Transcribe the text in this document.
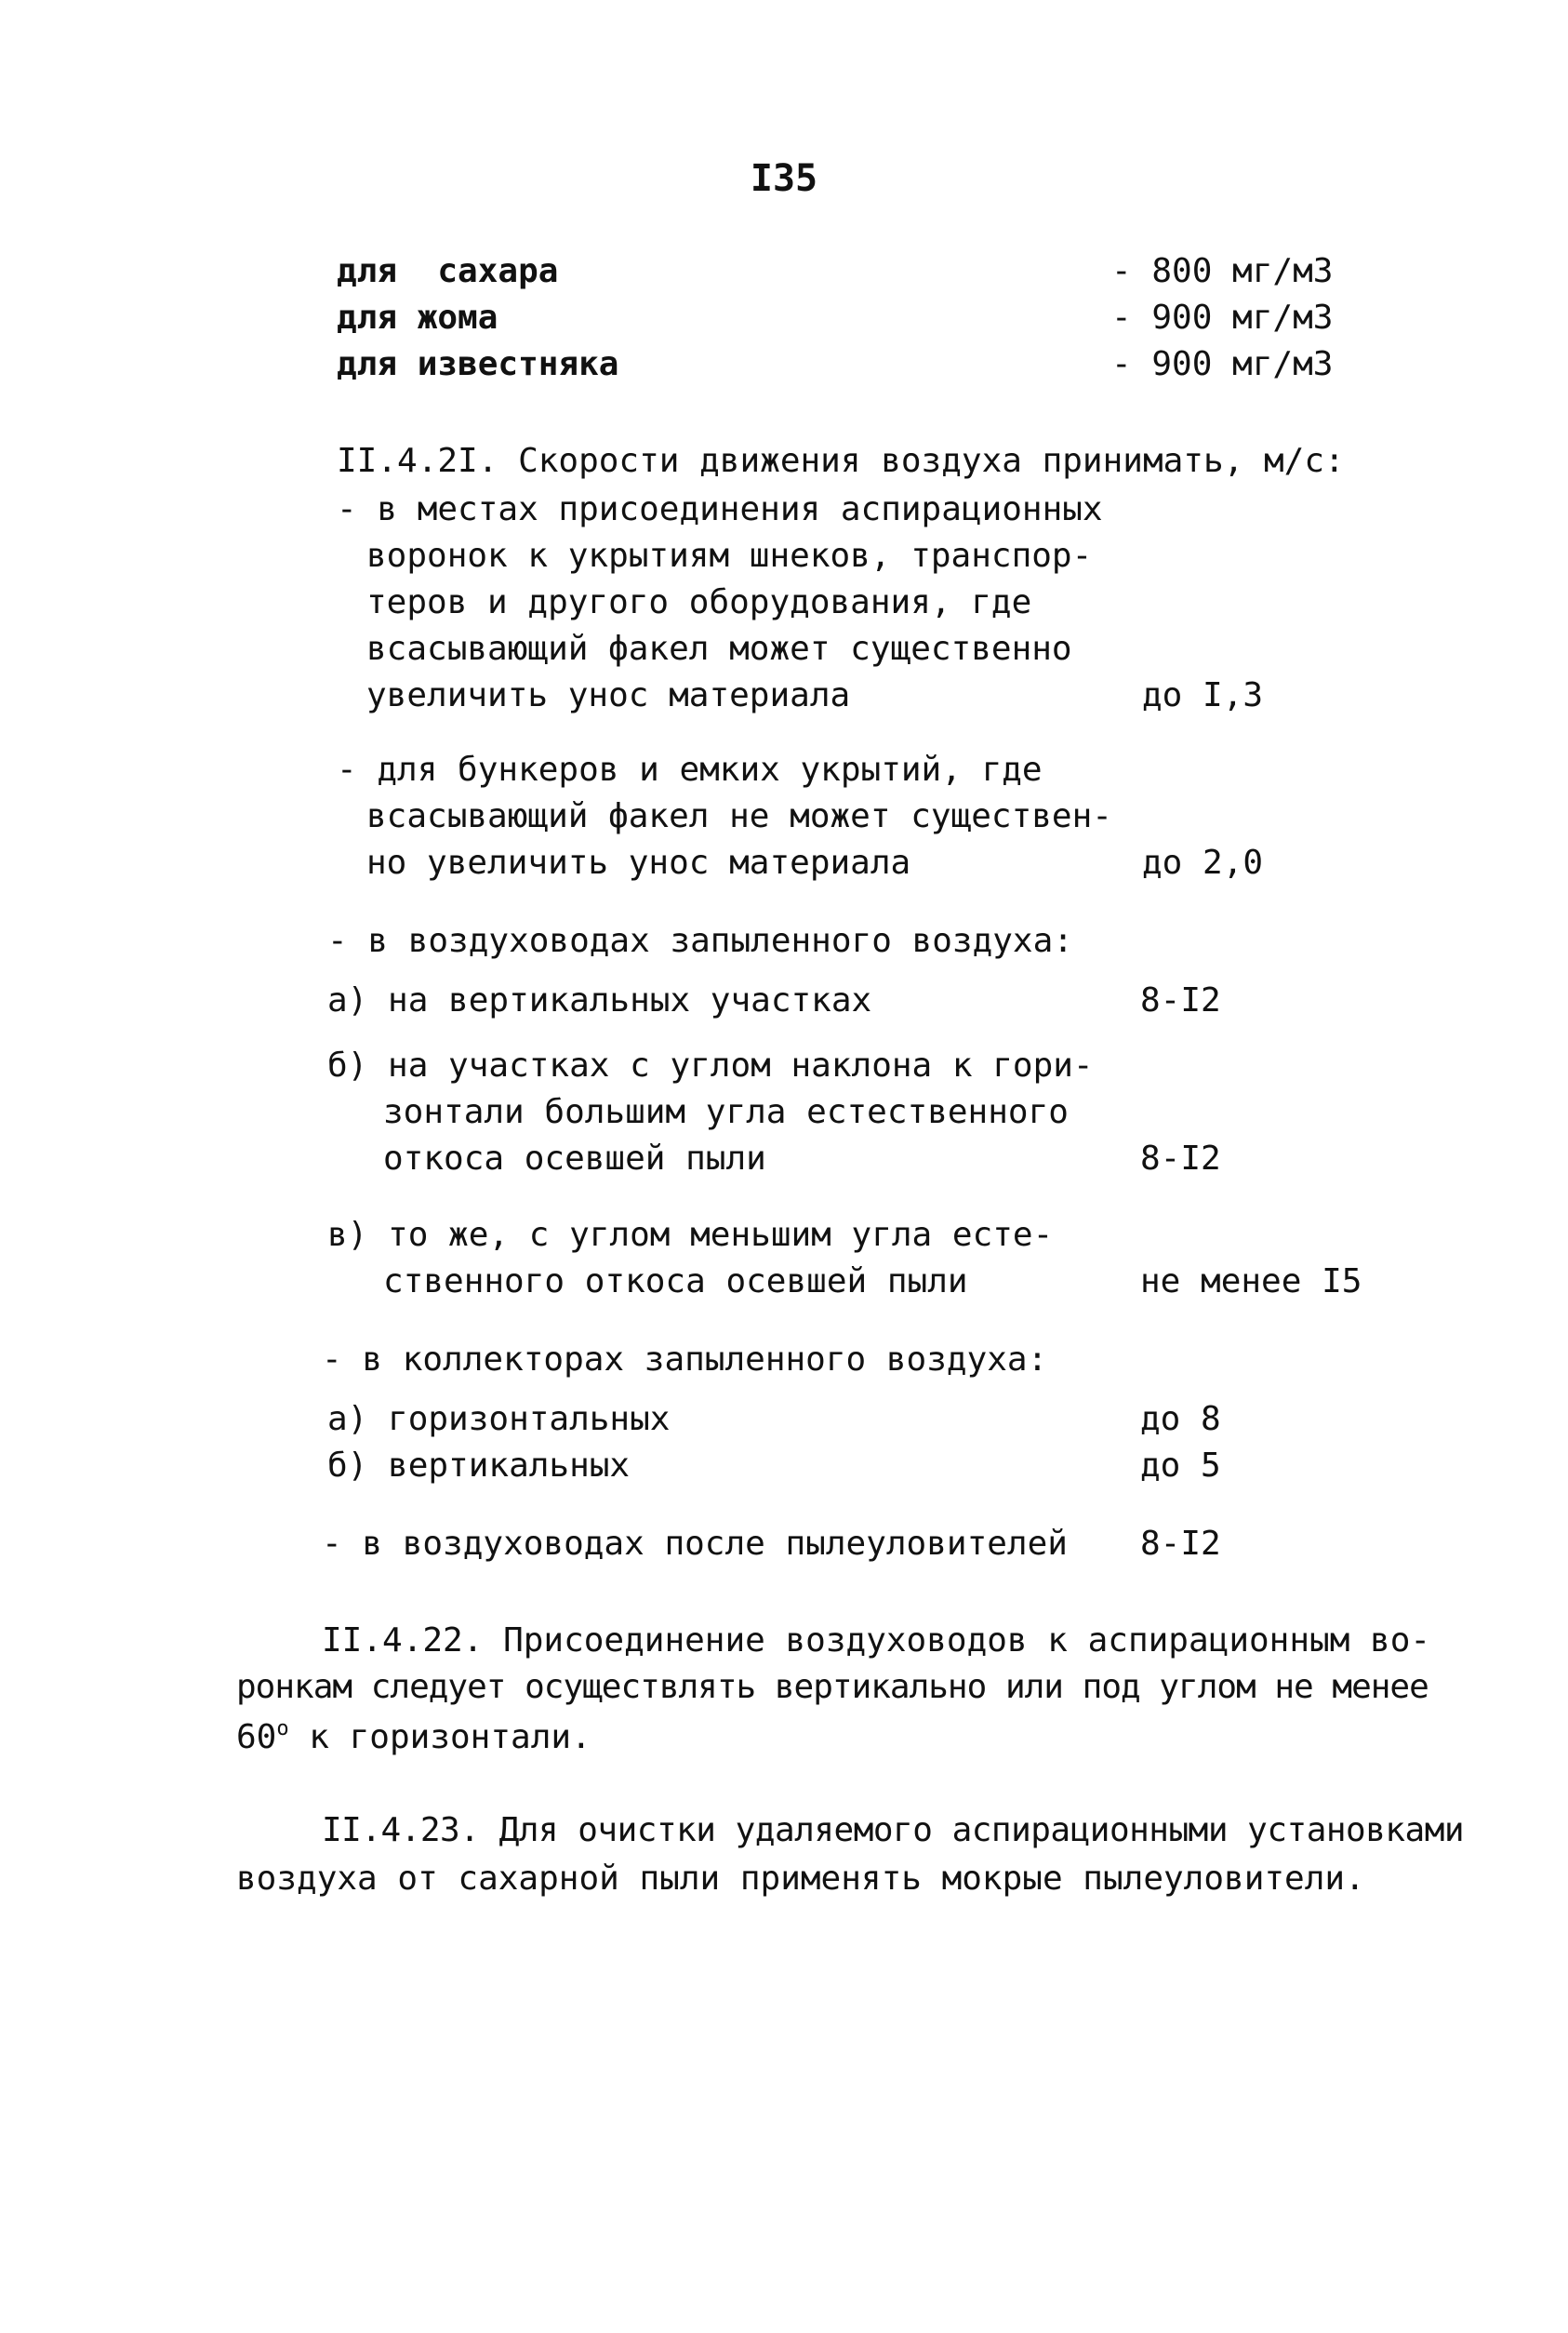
I35
для  сахара	- 800 мг/м3
для жома	- 900 мг/м3
для известняка	- 900 мг/м3
II.4.2I. Скорости движения воздуха принимать, м/с:
- в местах присоединения аспирационных
воронок к укрытиям шнеков, транспор-
теров и другого оборудования, где
всасывающий факел может существенно
увеличить унос материала	до I,3
- для бункеров и емких укрытий, где
всасывающий факел не может существен-
но увеличить унос материала	до 2,0
- в воздуховодах запыленного воздуха:
а) на вертикальных участках	8-I2
б) на участках с углом наклона к гори-
зонтали большим угла естественного
откоса осевшей пыли	8-I2
в) то же, с углом меньшим угла есте-
ственного откоса осевшей пыли	не менее I5
- в коллекторах запыленного воздуха:
а) горизонтальных	до 8
б) вертикальных	до 5
- в воздуховодах после пылеуловителей 8-I2
II.4.22. Присоединение воздуховодов к аспирационным во-
ронкам следует осуществлять вертикально или под углом не менее
60$^o$ к горизонтали.
II.4.23. Для очистки удаляемого аспирационными установками
воздуха от сахарной пыли применять мокрые пылеуловители.
